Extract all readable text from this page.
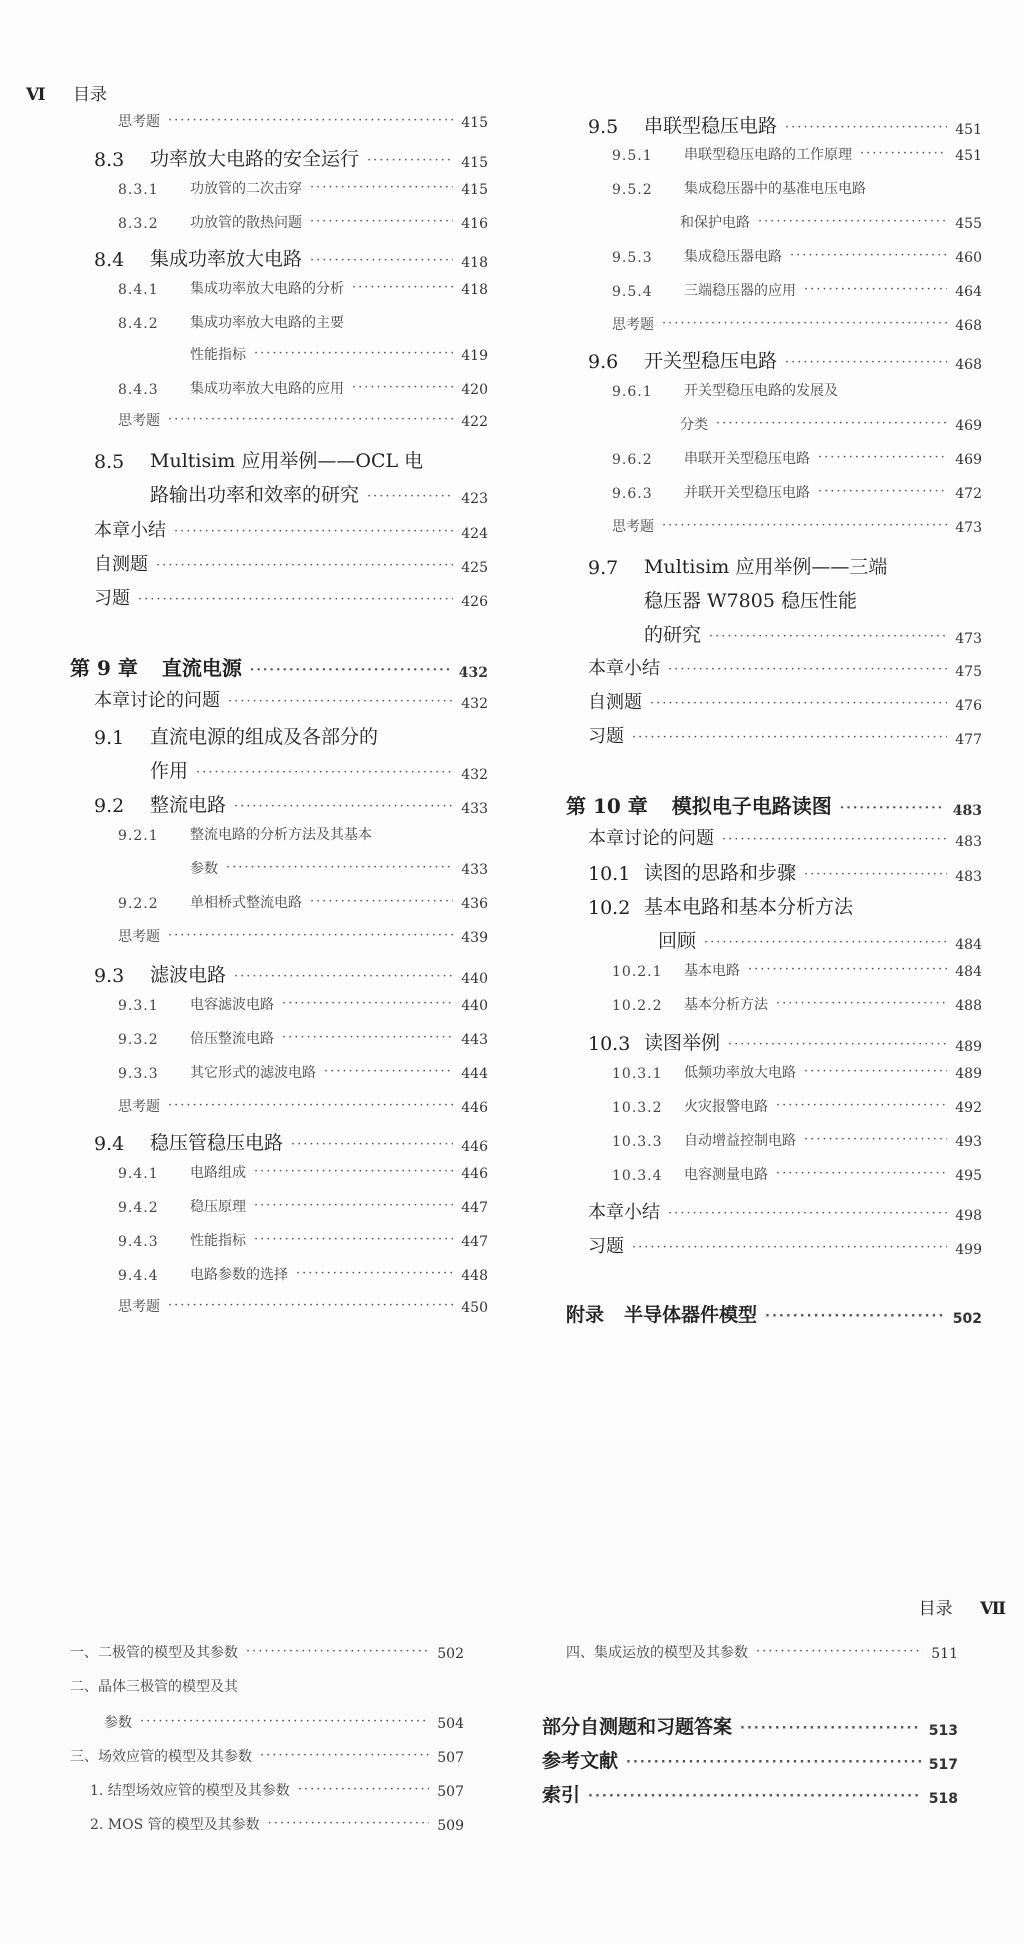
Ⅵ 目录
目录 Ⅶ
思考题 ·····	415
8.3	功率放大电路的安全运行 ·····	415
8.3.1	功放管的二次击穿 ·····	415
8.3.2	功放管的散热问题 ·····	416
8.4	集成功率放大电路 ·····	418
8.4.1	集成功率放大电路的分析 ·····	418
8.4.2	集成功率放大电路的主要
性能指标 ·····	419
8.4.3	集成功率放大电路的应用 ·····	420
思考题 ·····	422
8.5	Multisim 应用举例——OCL 电
路输出功率和效率的研究 ·····	423
本章小结 ·····	424
自测题 ·····	425
习题 ·····	426
第 9 章 直流电源 ·····	432
本章讨论的问题 ·····	432
9.1	直流电源的组成及各部分的
作用 ·····	432
9.2	整流电路 ·····	433
9.2.1	整流电路的分析方法及其基本
参数 ·····	433
9.2.2	单相桥式整流电路 ·····	436
思考题 ·····	439
9.3	滤波电路 ·····	440
9.3.1	电容滤波电路 ·····	440
9.3.2	倍压整流电路 ·····	443
9.3.3	其它形式的滤波电路 ·····	444
思考题 ·····	446
9.4	稳压管稳压电路 ·····	446
9.4.1	电路组成 ·····	446
9.4.2	稳压原理 ·····	447
9.4.3	性能指标 ·····	447
9.4.4	电路参数的选择 ·····	448
思考题 ·····	450
9.5	串联型稳压电路 ·····	451
9.5.1	串联型稳压电路的工作原理 ·····	451
9.5.2	集成稳压器中的基准电压电路
和保护电路 ·····	455
9.5.3	集成稳压器电路 ·····	460
9.5.4	三端稳压器的应用 ·····	464
思考题 ·····	468
9.6	开关型稳压电路 ·····	468
9.6.1	开关型稳压电路的发展及
分类 ·····	469
9.6.2	串联开关型稳压电路 ·····	469
9.6.3	并联开关型稳压电路 ·····	472
思考题 ·····	473
9.7	Multisim 应用举例——三端
稳压器 W7805 稳压性能
的研究 ·····	473
本章小结 ·····	475
自测题 ·····	476
习题 ·····	477
第 10 章 模拟电子电路读图 ·····	483
本章讨论的问题 ·····	483
10.1 读图的思路和步骤 ·····	483
10.2 基本电路和基本分析方法
回顾 ·····	484
10.2.1	基本电路 ·····	484
10.2.2	基本分析方法 ·····	488
10.3 读图举例 ·····	489
10.3.1	低频功率放大电路 ·····	489
10.3.2	火灾报警电路 ·····	492
10.3.3	自动增益控制电路 ·····	493
10.3.4	电容测量电路 ·····	495
本章小结 ·····	498
习题 ·····	499
附录 半导体器件模型 ·····	502
一、二极管的模型及其参数 ·····	502
二、晶体三极管的模型及其
参数 ·····	504
三、场效应管的模型及其参数 ·····	507
1. 结型场效应管的模型及其参数 ·····	507
2. MOS 管的模型及其参数 ·····	509
四、集成运放的模型及其参数 ·····	511
部分自测题和习题答案 ·····	513
参考文献 ·····	517
索引 ·····	518
